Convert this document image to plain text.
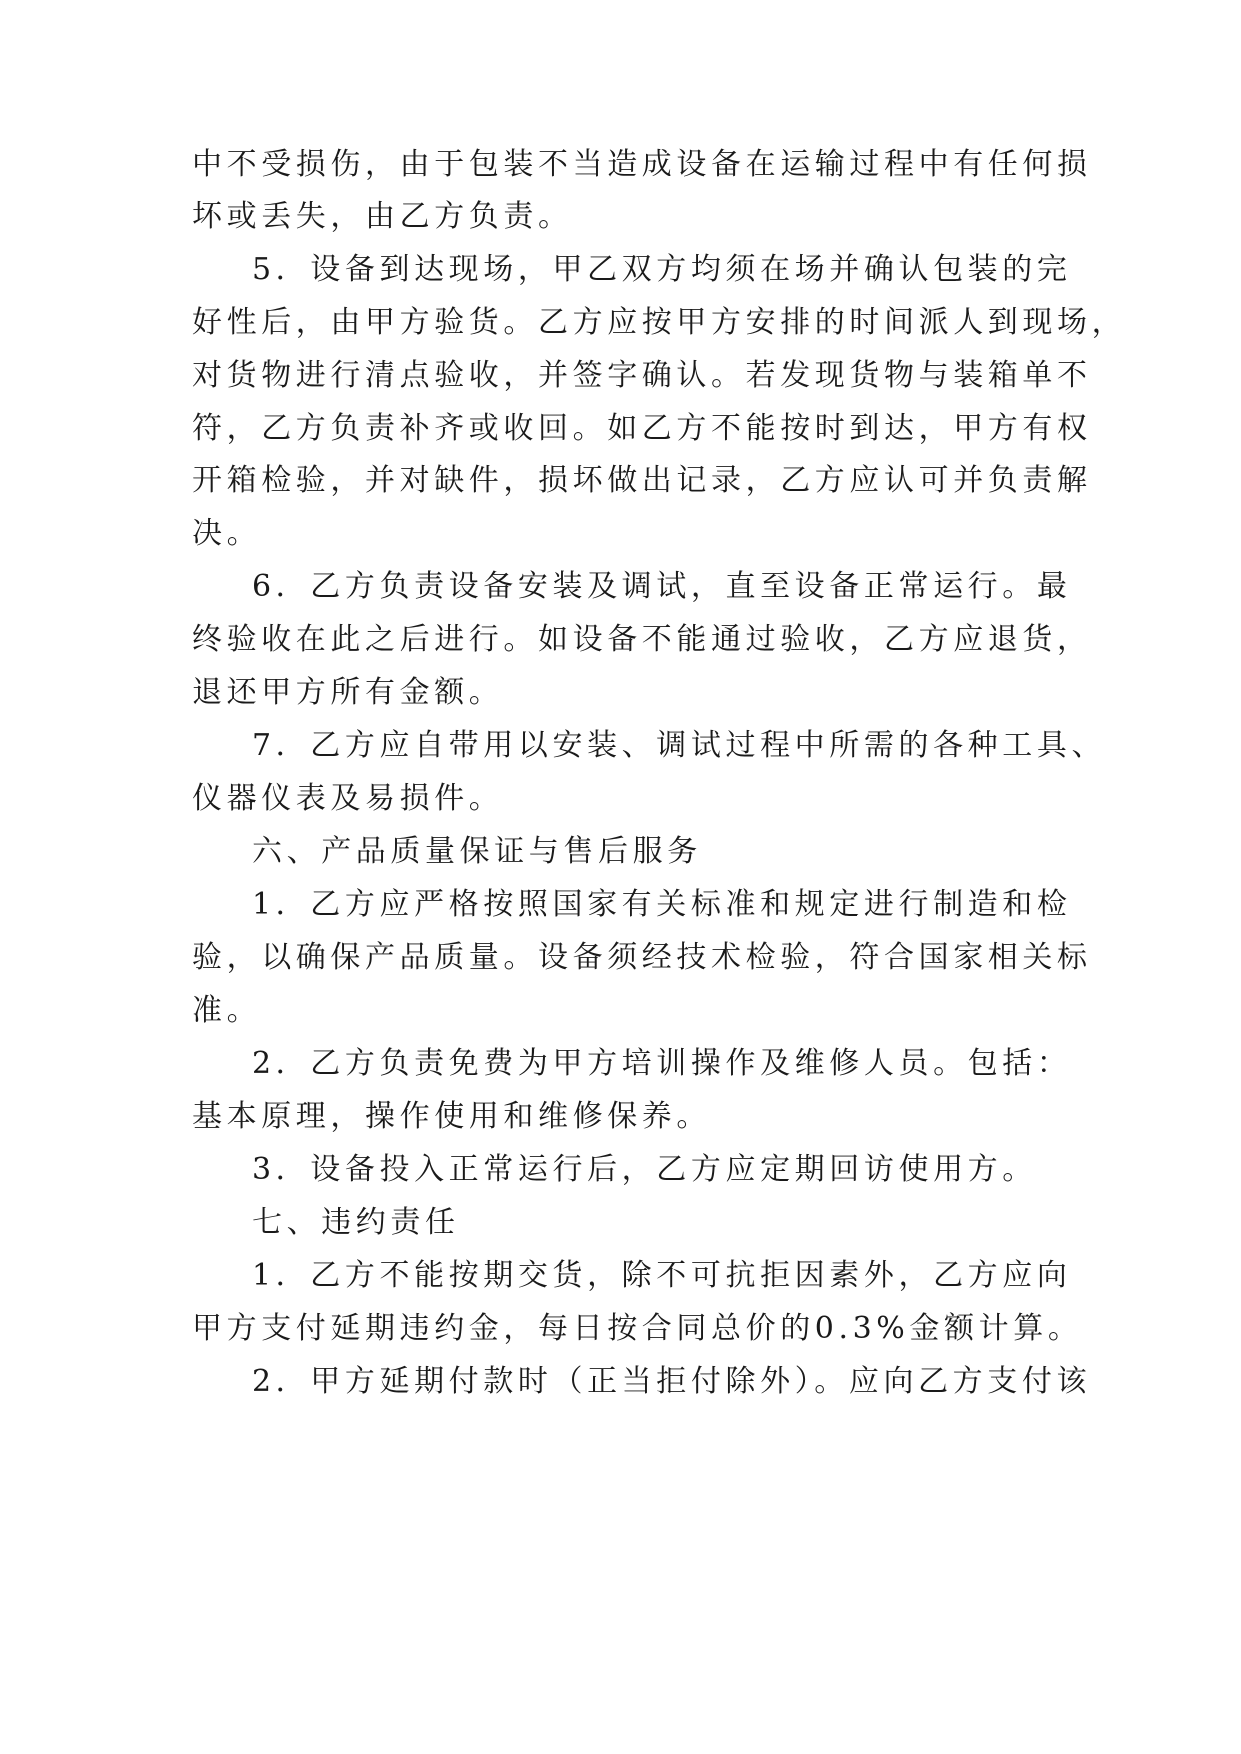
中不受损伤，由于包装不当造成设备在运输过程中有任何损
坏或丢失，由乙方负责。
5．设备到达现场，甲乙双方均须在场并确认包装的完
好性后，由甲方验货。乙方应按甲方安排的时间派人到现场，
对货物进行清点验收，并签字确认。若发现货物与装箱单不
符，乙方负责补齐或收回。如乙方不能按时到达，甲方有权
开箱检验，并对缺件，损坏做出记录，乙方应认可并负责解
决。
6．乙方负责设备安装及调试，直至设备正常运行。最
终验收在此之后进行。如设备不能通过验收，乙方应退货，
退还甲方所有金额。
7．乙方应自带用以安装、调试过程中所需的各种工具、
仪器仪表及易损件。
六、产品质量保证与售后服务
1．乙方应严格按照国家有关标准和规定进行制造和检
验，以确保产品质量。设备须经技术检验，符合国家相关标
准。
2．乙方负责免费为甲方培训操作及维修人员。包括：
基本原理，操作使用和维修保养。
3．设备投入正常运行后，乙方应定期回访使用方。
七、违约责任
1．乙方不能按期交货，除不可抗拒因素外，乙方应向
甲方支付延期违约金，每日按合同总价的0.3%金额计算。
2．甲方延期付款时（正当拒付除外）。应向乙方支付该
